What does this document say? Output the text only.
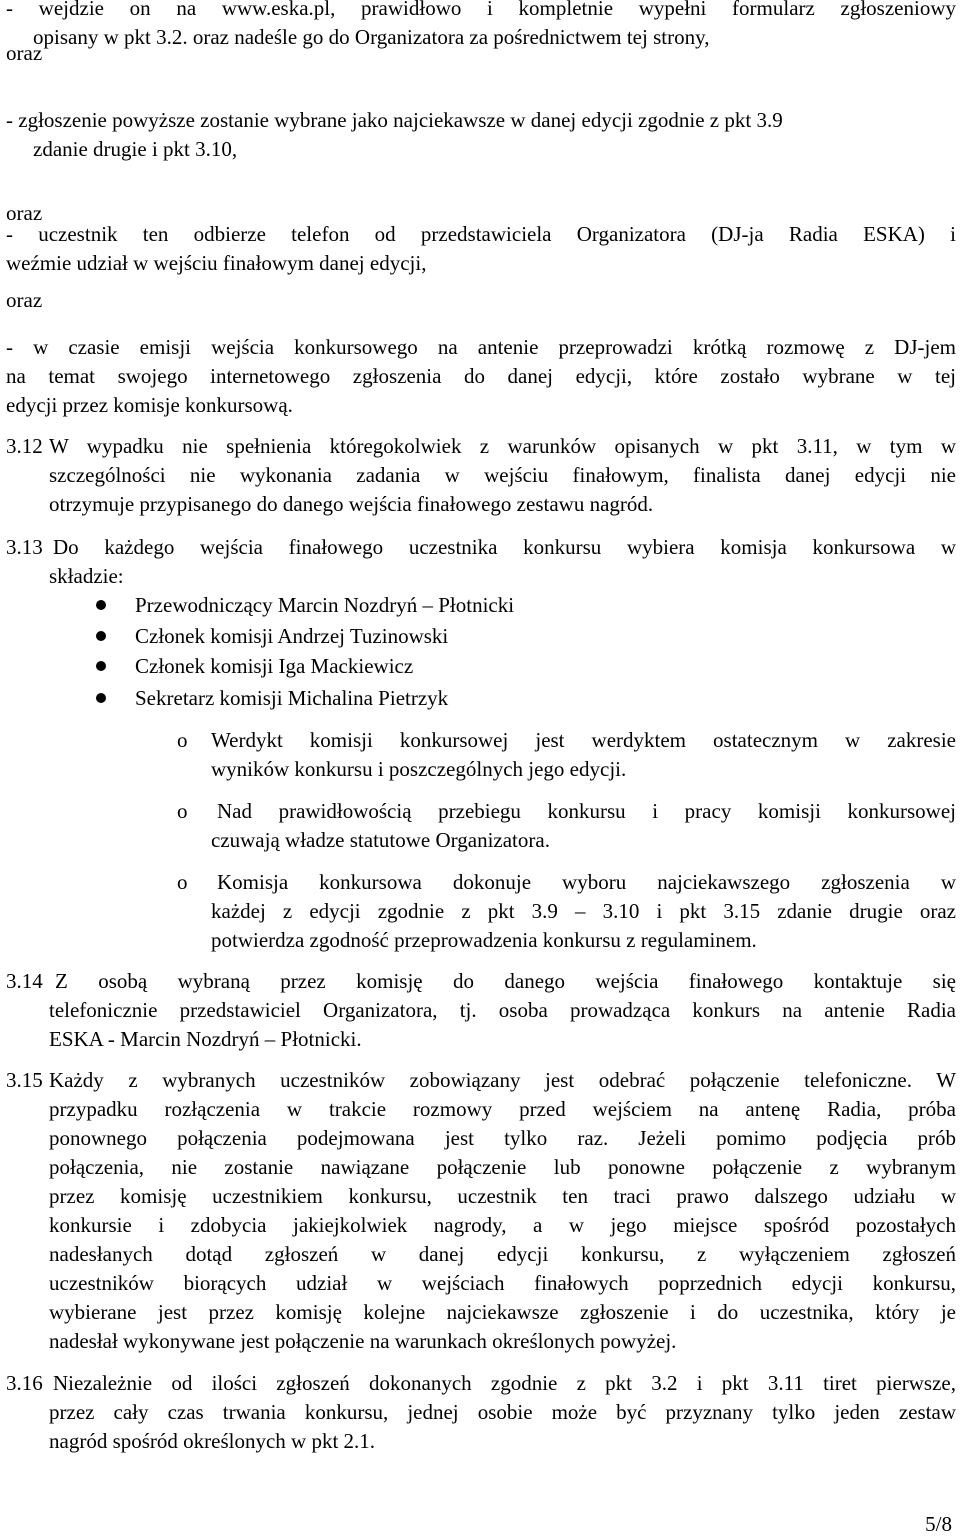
- wejdzie on na www.eska.pl, prawidłowo i kompletnie wypełni formularz zgłoszeniowy
opisany w pkt 3.2. oraz nadeśle go do Organizatora za pośrednictwem tej strony,
oraz
- zgłoszenie powyższe zostanie wybrane jako najciekawsze w danej edycji zgodnie z pkt 3.9
zdanie drugie i pkt 3.10,
oraz
- uczestnik ten odbierze telefon od przedstawiciela Organizatora (DJ-ja Radia ESKA) i
weźmie udział w wejściu finałowym danej edycji,
oraz
- w czasie emisji wejścia konkursowego na antenie przeprowadzi krótką rozmowę z DJ-jem
na temat swojego internetowego zgłoszenia do danej edycji, które zostało wybrane w tej
edycji przez komisje konkursową.
3.12 W wypadku nie spełnienia któregokolwiek z warunków opisanych w pkt 3.11, w tym w
szczególności nie wykonania zadania w wejściu finałowym, finalista danej edycji nie
otrzymuje przypisanego do danego wejścia finałowego zestawu nagród.
3.13 Do każdego wejścia finałowego uczestnika konkursu wybiera komisja konkursowa w
składzie:
Przewodniczący Marcin Nozdryń – Płotnicki
Członek komisji Andrzej Tuzinowski
Członek komisji Iga Mackiewicz
Sekretarz komisji Michalina Pietrzyk
o Werdykt komisji konkursowej jest werdyktem ostatecznym w zakresie
wyników konkursu i poszczególnych jego edycji.
o Nad prawidłowością przebiegu konkursu i pracy komisji konkursowej
czuwają władze statutowe Organizatora.
o Komisja konkursowa dokonuje wyboru najciekawszego zgłoszenia w
każdej z edycji zgodnie z pkt 3.9 – 3.10 i pkt 3.15 zdanie drugie oraz
potwierdza zgodność przeprowadzenia konkursu z regulaminem.
3.14 Z osobą wybraną przez komisję do danego wejścia finałowego kontaktuje się
telefonicznie przedstawiciel Organizatora, tj. osoba prowadząca konkurs na antenie Radia
ESKA - Marcin Nozdryń – Płotnicki.
3.15 Każdy z wybranych uczestników zobowiązany jest odebrać połączenie telefoniczne. W
przypadku rozłączenia w trakcie rozmowy przed wejściem na antenę Radia, próba
ponownego połączenia podejmowana jest tylko raz. Jeżeli pomimo podjęcia prób
połączenia, nie zostanie nawiązane połączenie lub ponowne połączenie z wybranym
przez komisję uczestnikiem konkursu, uczestnik ten traci prawo dalszego udziału w
konkursie i zdobycia jakiejkolwiek nagrody, a w jego miejsce spośród pozostałych
nadesłanych dotąd zgłoszeń w danej edycji konkursu, z wyłączeniem zgłoszeń
uczestników biorących udział w wejściach finałowych poprzednich edycji konkursu,
wybierane jest przez komisję kolejne najciekawsze zgłoszenie i do uczestnika, który je
nadesłał wykonywane jest połączenie na warunkach określonych powyżej.
3.16 Niezależnie od ilości zgłoszeń dokonanych zgodnie z pkt 3.2 i pkt 3.11 tiret pierwsze,
przez cały czas trwania konkursu, jednej osobie może być przyznany tylko jeden zestaw
nagród spośród określonych w pkt 2.1.
5/8
